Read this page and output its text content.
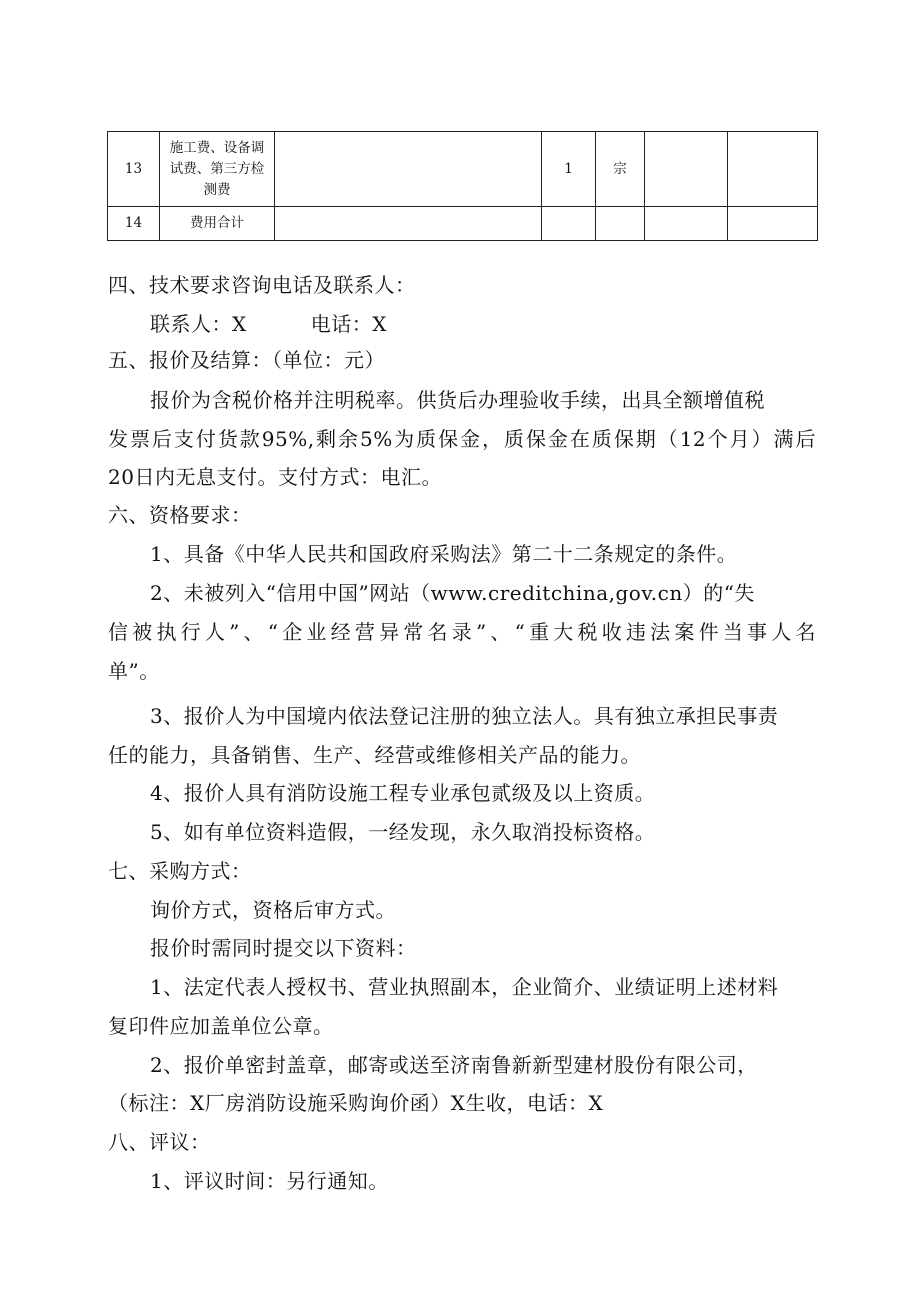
13	施工费、设备调
试费、第三方检
测费		1	宗		
14	费用合计					
四、技术要求咨询电话及联系人：
联系人：X	电话：X
五、报价及结算：（单位：元）
报价为含税价格并注明税率。供货后办理验收手续，出具全额增值税
发票后支付货款95%,剩余5%为质保金，质保金在质保期（12个月）满后
20日内无息支付。支付方式：电汇。
六、资格要求：
1、具备《中华人民共和国政府采购法》第二十二条规定的条件。
2、未被列入“信用中国”网站（www.creditchina,gov.cn）的“失
信被执行人”、“企业经营异常名录”、“重大税收违法案件当事人名
单”。
3、报价人为中国境内依法登记注册的独立法人。具有独立承担民事责
任的能力，具备销售、生产、经营或维修相关产品的能力。
4、报价人具有消防设施工程专业承包贰级及以上资质。
5、如有单位资料造假，一经发现，永久取消投标资格。
七、采购方式：
询价方式，资格后审方式。
报价时需同时提交以下资料：
1、法定代表人授权书、营业执照副本，企业简介、业绩证明上述材料
复印件应加盖单位公章。
2、报价单密封盖章，邮寄或送至济南鲁新新型建材股份有限公司，
（标注：X厂房消防设施采购询价函）X生收，电话：X
八、评议：
1、评议时间：另行通知。
